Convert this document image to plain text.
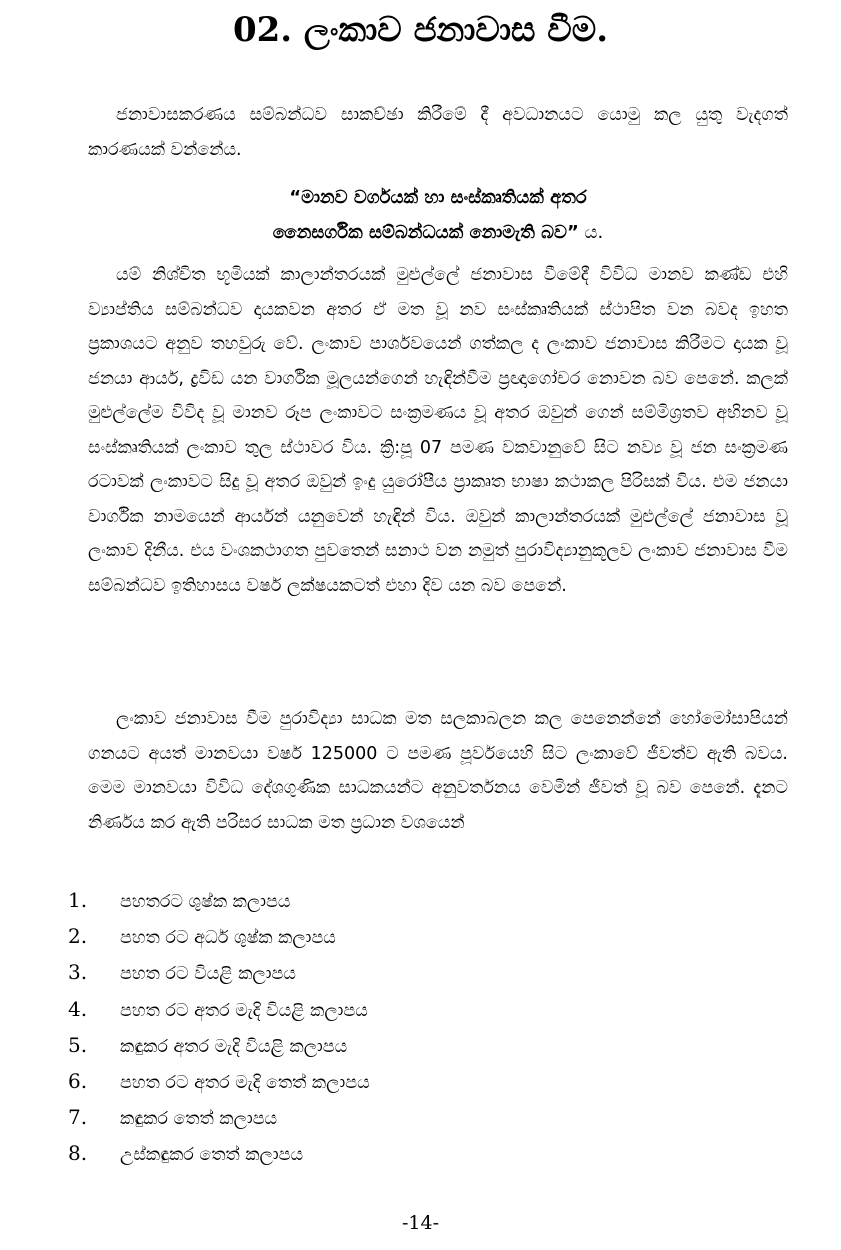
02. ලංකාව ජනාවාස වීම.
ජනාවාසකරණය සම්බන්ධව සාකච්ඡා කිරීමේ දී අවධානයට යොමු කල යුතු වැදගත් කාරණයක් වන්නේය.
“මානව වර්ගයක් හා සංස්කෘතියක් අතර
නෛසර්ගික සම්බන්ධයක් නොමැති බව” ය.
යම් නිශ්චිත භූමියක් කාලාන්තරයක් මුළුල්ලේ ජනාවාස වීමේදී විවිධ මානව කණ්ඩ එහි ව්‍යාප්තිය සම්බන්ධව දායකවන අතර ඒ මත වූ නව සංස්කෘතියක් ස්ථාපිත වන බවද ඉහත ප්‍රකාශයට අනුව තහවුරු වේ. ලංකාව පාර්ශවයෙන් ගත්කල ද ලංකාව ජනාවාස කිරීමට දායක වූ ජනයා ආර්ය, ද්‍රවිඩ යන වාර්ගික මූලයන්ගෙන් හැඳින්වීම ප්‍රඥාගෝචර නොවන බව පෙනේ. කලක් මුළුල්ලේම විවිද වූ මානව රූප ලංකාවට සංක්‍රමණය වූ අතර ඔවුන් ගෙන් සම්මිශ්‍රතව අභිනව වූ සංස්කෘතියක් ලංකාව තුල ස්ථාවර විය. ක්‍රි:පූ 07 පමණ වකවානුවේ සිට නව්‍ය වූ ජන සංක්‍රමණ රටාවක් ලංකාවට සිදු වූ අතර ඔවුන් ඉංදු යුරෝපීය ප්‍රාකෘත භාෂා කථාකල පිරිසක් විය. එම ජනයා වාර්ගික නාමයෙන් ආර්යන් යනුවෙන් හැඳින් විය. ඔවුන් කාලාන්තරයක් මුළුල්ලේ ජනාවාස වූ ලංකාව දිනීය. එය වංශකථාගත පුවතෙන් සනාථ වන නමුත් පුරාවිද්‍යානුකූලව ලංකාව ජනාවාස වීම සම්බන්ධව ඉතිහාසය වර්ෂ ලක්ෂයකටත් එහා දිව යන බව පෙනේ.
ලංකාව ජනාවාස වීම පුරාවිද්‍යා සාධක මත සලකාබලන කල පෙනෙන්නේ හෝමෝසාපියන් ගනයට අයත් මානවයා වර්ෂ 125000 ට පමණ පූර්වයෙහි සිට ලංකාවේ ජීවත්ව ඇති බවය. මෙම මානවයා විවිධ දේශගුණික සාධකයන්ට අනුවර්තනය වෙමින් ජීවත් වූ බව පෙනේ. දැනට නිර්ණය කර ඇති පරිසර සාධක මත ප්‍රධාන වශයෙන්
1. පහතරට ශුෂ්ක කලාපය
2. පහත රට අර්ධ ශුෂ්ක කලාපය
3. පහත රට වියළි කලාපය
4. පහත රට අතර මැදි වියළි කලාපය
5. කඳුකර අතර මැදි වියළි කලාපය
6. පහත රට අතර මැදි තෙත් කලාපය
7. කඳුකර තෙත් කලාපය
8. උස්කඳුකර තෙත් කලාපය
-14-
